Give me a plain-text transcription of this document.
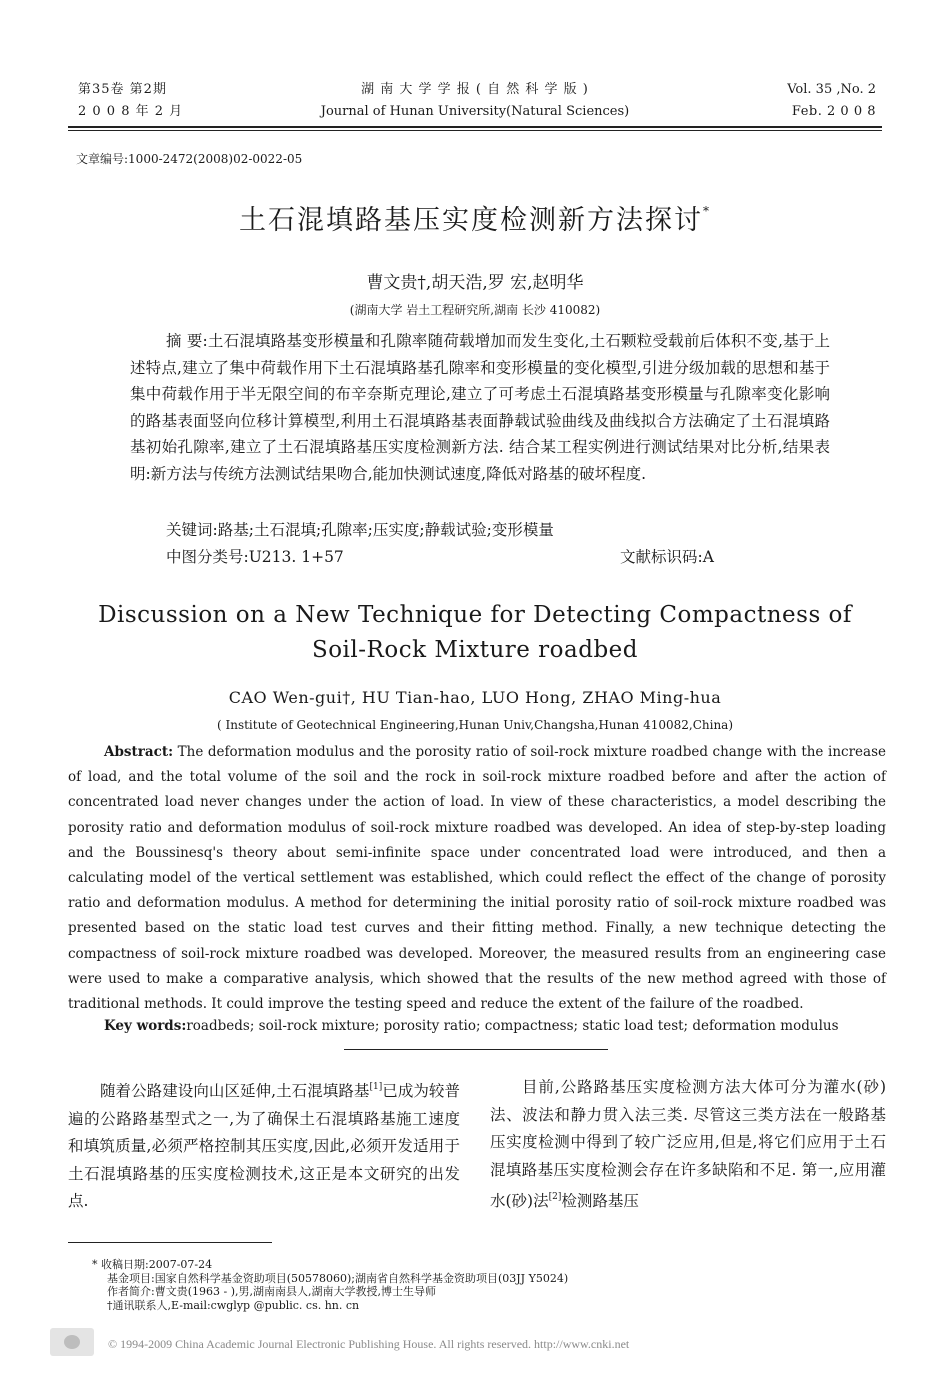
第35卷 第2期
2 0 0 8 年 2 月
湖 南 大 学 学 报 ( 自 然 科 学 版 )
Journal of Hunan University(Natural Sciences)
Vol. 35 ,No. 2
Feb. 2 0 0 8
文章编号:1000-2472(2008)02-0022-05
土石混填路基压实度检测新方法探讨*
曹文贵†,胡天浩,罗 宏,赵明华
(湖南大学 岩土工程研究所,湖南 长沙 410082)
摘 要:土石混填路基变形模量和孔隙率随荷载增加而发生变化,土石颗粒受载前后体积不变,基于上述特点,建立了集中荷载作用下土石混填路基孔隙率和变形模量的变化模型,引进分级加载的思想和基于集中荷载作用于半无限空间的布辛奈斯克理论,建立了可考虑土石混填路基变形模量与孔隙率变化影响的路基表面竖向位移计算模型,利用土石混填路基表面静载试验曲线及曲线拟合方法确定了土石混填路基初始孔隙率,建立了土石混填路基压实度检测新方法. 结合某工程实例进行测试结果对比分析,结果表明:新方法与传统方法测试结果吻合,能加快测试速度,降低对路基的破坏程度.
关键词:路基;土石混填;孔隙率;压实度;静载试验;变形模量
中图分类号:U213. 1+57	文献标识码:A
Discussion on a New Technique for Detecting Compactness of
Soil-Rock Mixture roadbed
CAO Wen-gui†, HU Tian-hao, LUO Hong, ZHAO Ming-hua
( Institute of Geotechnical Engineering,Hunan Univ,Changsha,Hunan 410082,China)
Abstract: The deformation modulus and the porosity ratio of soil-rock mixture roadbed change with the increase of load, and the total volume of the soil and the rock in soil-rock mixture roadbed before and after the action of concentrated load never changes under the action of load. In view of these characteristics, a model describing the porosity ratio and deformation modulus of soil-rock mixture roadbed was developed. An idea of step-by-step loading and the Boussinesq's theory about semi-infinite space under concentrated load were introduced, and then a calculating model of the vertical settlement was established, which could reflect the effect of the change of porosity ratio and deformation modulus. A method for determining the initial porosity ratio of soil-rock mixture roadbed was presented based on the static load test curves and their fitting method. Finally, a new technique detecting the compactness of soil-rock mixture roadbed was developed. Moreover, the measured results from an engineering case were used to make a comparative analysis, which showed that the results of the new method agreed with those of traditional methods. It could improve the testing speed and reduce the extent of the failure of the roadbed.
Key words:roadbeds; soil-rock mixture; porosity ratio; compactness; static load test; deformation modulus
随着公路建设向山区延伸,土石混填路基[1]已成为较普遍的公路路基型式之一,为了确保土石混填路基施工速度和填筑质量,必须严格控制其压实度,因此,必须开发适用于土石混填路基的压实度检测技术,这正是本文研究的出发点.
目前,公路路基压实度检测方法大体可分为灌水(砂)法、波法和静力贯入法三类. 尽管这三类方法在一般路基压实度检测中得到了较广泛应用,但是,将它们应用于土石混填路基压实度检测会存在许多缺陷和不足. 第一,应用灌水(砂)法[2]检测路基压
* 收稿日期:2007-07-24
基金项目:国家自然科学基金资助项目(50578060);湖南省自然科学基金资助项目(03JJ Y5024)
作者简介:曹文贵(1963 - ),男,湖南南县人,湖南大学教授,博士生导师
†通讯联系人,E-mail:cwglyp @public. cs. hn. cn
© 1994-2009 China Academic Journal Electronic Publishing House. All rights reserved. http://www.cnki.net
